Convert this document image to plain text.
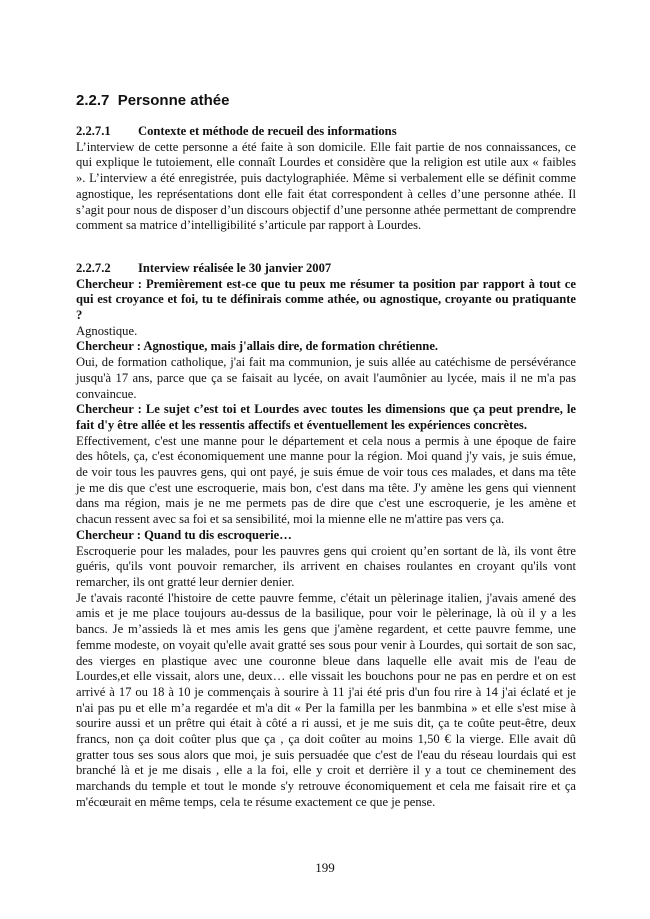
2.2.7 Personne athée
2.2.7.1 Contexte et méthode de recueil des informations

L’interview de cette personne a été faite à son domicile. Elle fait partie de nos connaissances, ce qui explique le tutoiement, elle connaît Lourdes et considère que la religion est utile aux « faibles ». L’interview a été enregistrée, puis dactylographiée. Même si verbalement elle se définit comme agnostique, les représentations dont elle fait état correspondent à celles d’une personne athée. Il s’agit pour nous de disposer d’un discours objectif d’une personne athée permettant de comprendre comment sa matrice d’intelligibilité s’articule par rapport à Lourdes.

2.2.7.2 Interview réalisée le 30 janvier 2007

Chercheur : Premièrement est-ce que tu peux me résumer ta position par rapport à tout ce qui est croyance et foi, tu te définirais comme athée, ou agnostique, croyante ou pratiquante ?

Agnostique.

Chercheur : Agnostique, mais j'allais dire, de formation chrétienne.

Oui, de formation catholique, j'ai fait ma communion, je suis allée au catéchisme de persévérance jusqu'à 17 ans, parce que ça se faisait au lycée, on avait l'aumônier au lycée, mais il ne m'a pas convaincue.

Chercheur : Le sujet c’est toi et Lourdes avec toutes les dimensions que ça peut prendre, le fait d'y être allée et les ressentis affectifs et éventuellement les expériences concrètes.

Effectivement, c'est une manne pour le département et cela nous a permis à une époque de faire des hôtels, ça, c'est économiquement une manne pour la région. Moi quand j'y vais, je suis émue, de voir tous les pauvres gens, qui ont payé, je suis émue de voir tous ces malades, et dans ma tête je me dis que c'est une escroquerie, mais bon, c'est dans ma tête. J'y amène les gens qui viennent dans ma région, mais je ne me permets pas de dire que c'est une escroquerie, je les amène et chacun ressent avec sa foi et sa sensibilité, moi la mienne elle ne m'attire pas vers ça.

Chercheur : Quand tu dis escroquerie…

Escroquerie pour les malades, pour les pauvres gens qui croient qu’en sortant de là, ils vont être guéris, qu'ils vont pouvoir remarcher, ils arrivent en chaises roulantes en croyant qu'ils vont remarcher, ils ont gratté leur dernier denier.

Je t'avais raconté l'histoire de cette pauvre femme, c'était un pèlerinage italien, j'avais amené des amis et je me place toujours au-dessus de la basilique, pour voir le pèlerinage, là où il y a les bancs. Je m’assieds là et mes amis les gens que j'amène regardent, et cette pauvre femme, une femme modeste, on voyait qu'elle avait gratté ses sous pour venir à Lourdes, qui sortait de son sac, des vierges en plastique avec une couronne bleue dans laquelle elle avait mis de l'eau de Lourdes,et elle vissait, alors une, deux… elle vissait les bouchons pour ne pas en perdre et on est arrivé à 17 ou 18 à 10 je commençais à sourire à 11 j'ai été pris d'un fou rire à 14 j'ai éclaté et je n'ai pas pu et elle m’a regardée et m'a dit « Per la familla per les banmbina » et elle s'est mise à sourire aussi et un prêtre qui était à côté a ri aussi, et je me suis dit, ça te coûte peut-être, deux francs, non ça doit coûter plus que ça , ça doit coûter au moins 1,50 € la vierge. Elle avait dû gratter tous ses sous alors que moi, je suis persuadée que c'est de l'eau du réseau lourdais qui est branché là et je me disais , elle a la foi, elle y croit et derrière il y a tout ce cheminement des marchands du temple et tout le monde s'y retrouve économiquement et cela me faisait rire et ça m'écœurait en même temps, cela te résume exactement ce que je pense.

199
